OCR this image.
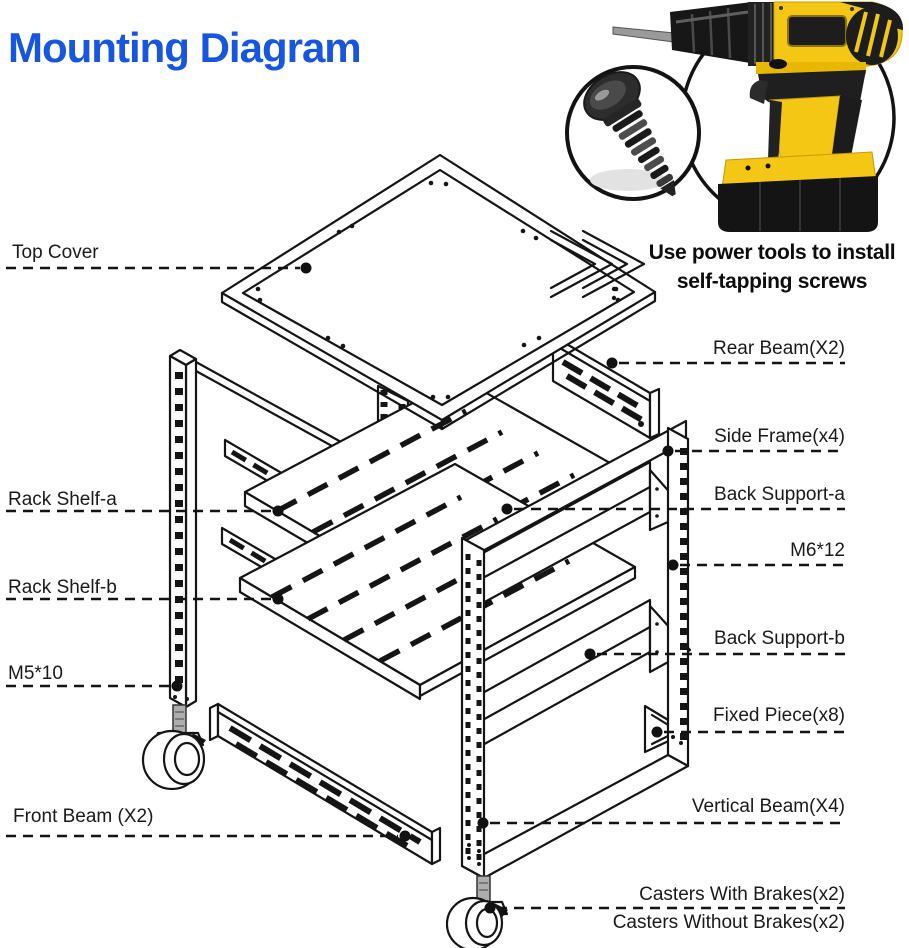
Mounting Diagram
Use power tools to install
self-tapping screws
Top Cover
Rack Shelf-a
Rack Shelf-b
M5*10
Front Beam (X2)
Rear Beam(X2)
Side Frame(x4)
Back Support-a
M6*12
Back Support-b
Fixed Piece(x8)
Vertical Beam(X4)
Casters With Brakes(x2)
Casters Without Brakes(x2)
